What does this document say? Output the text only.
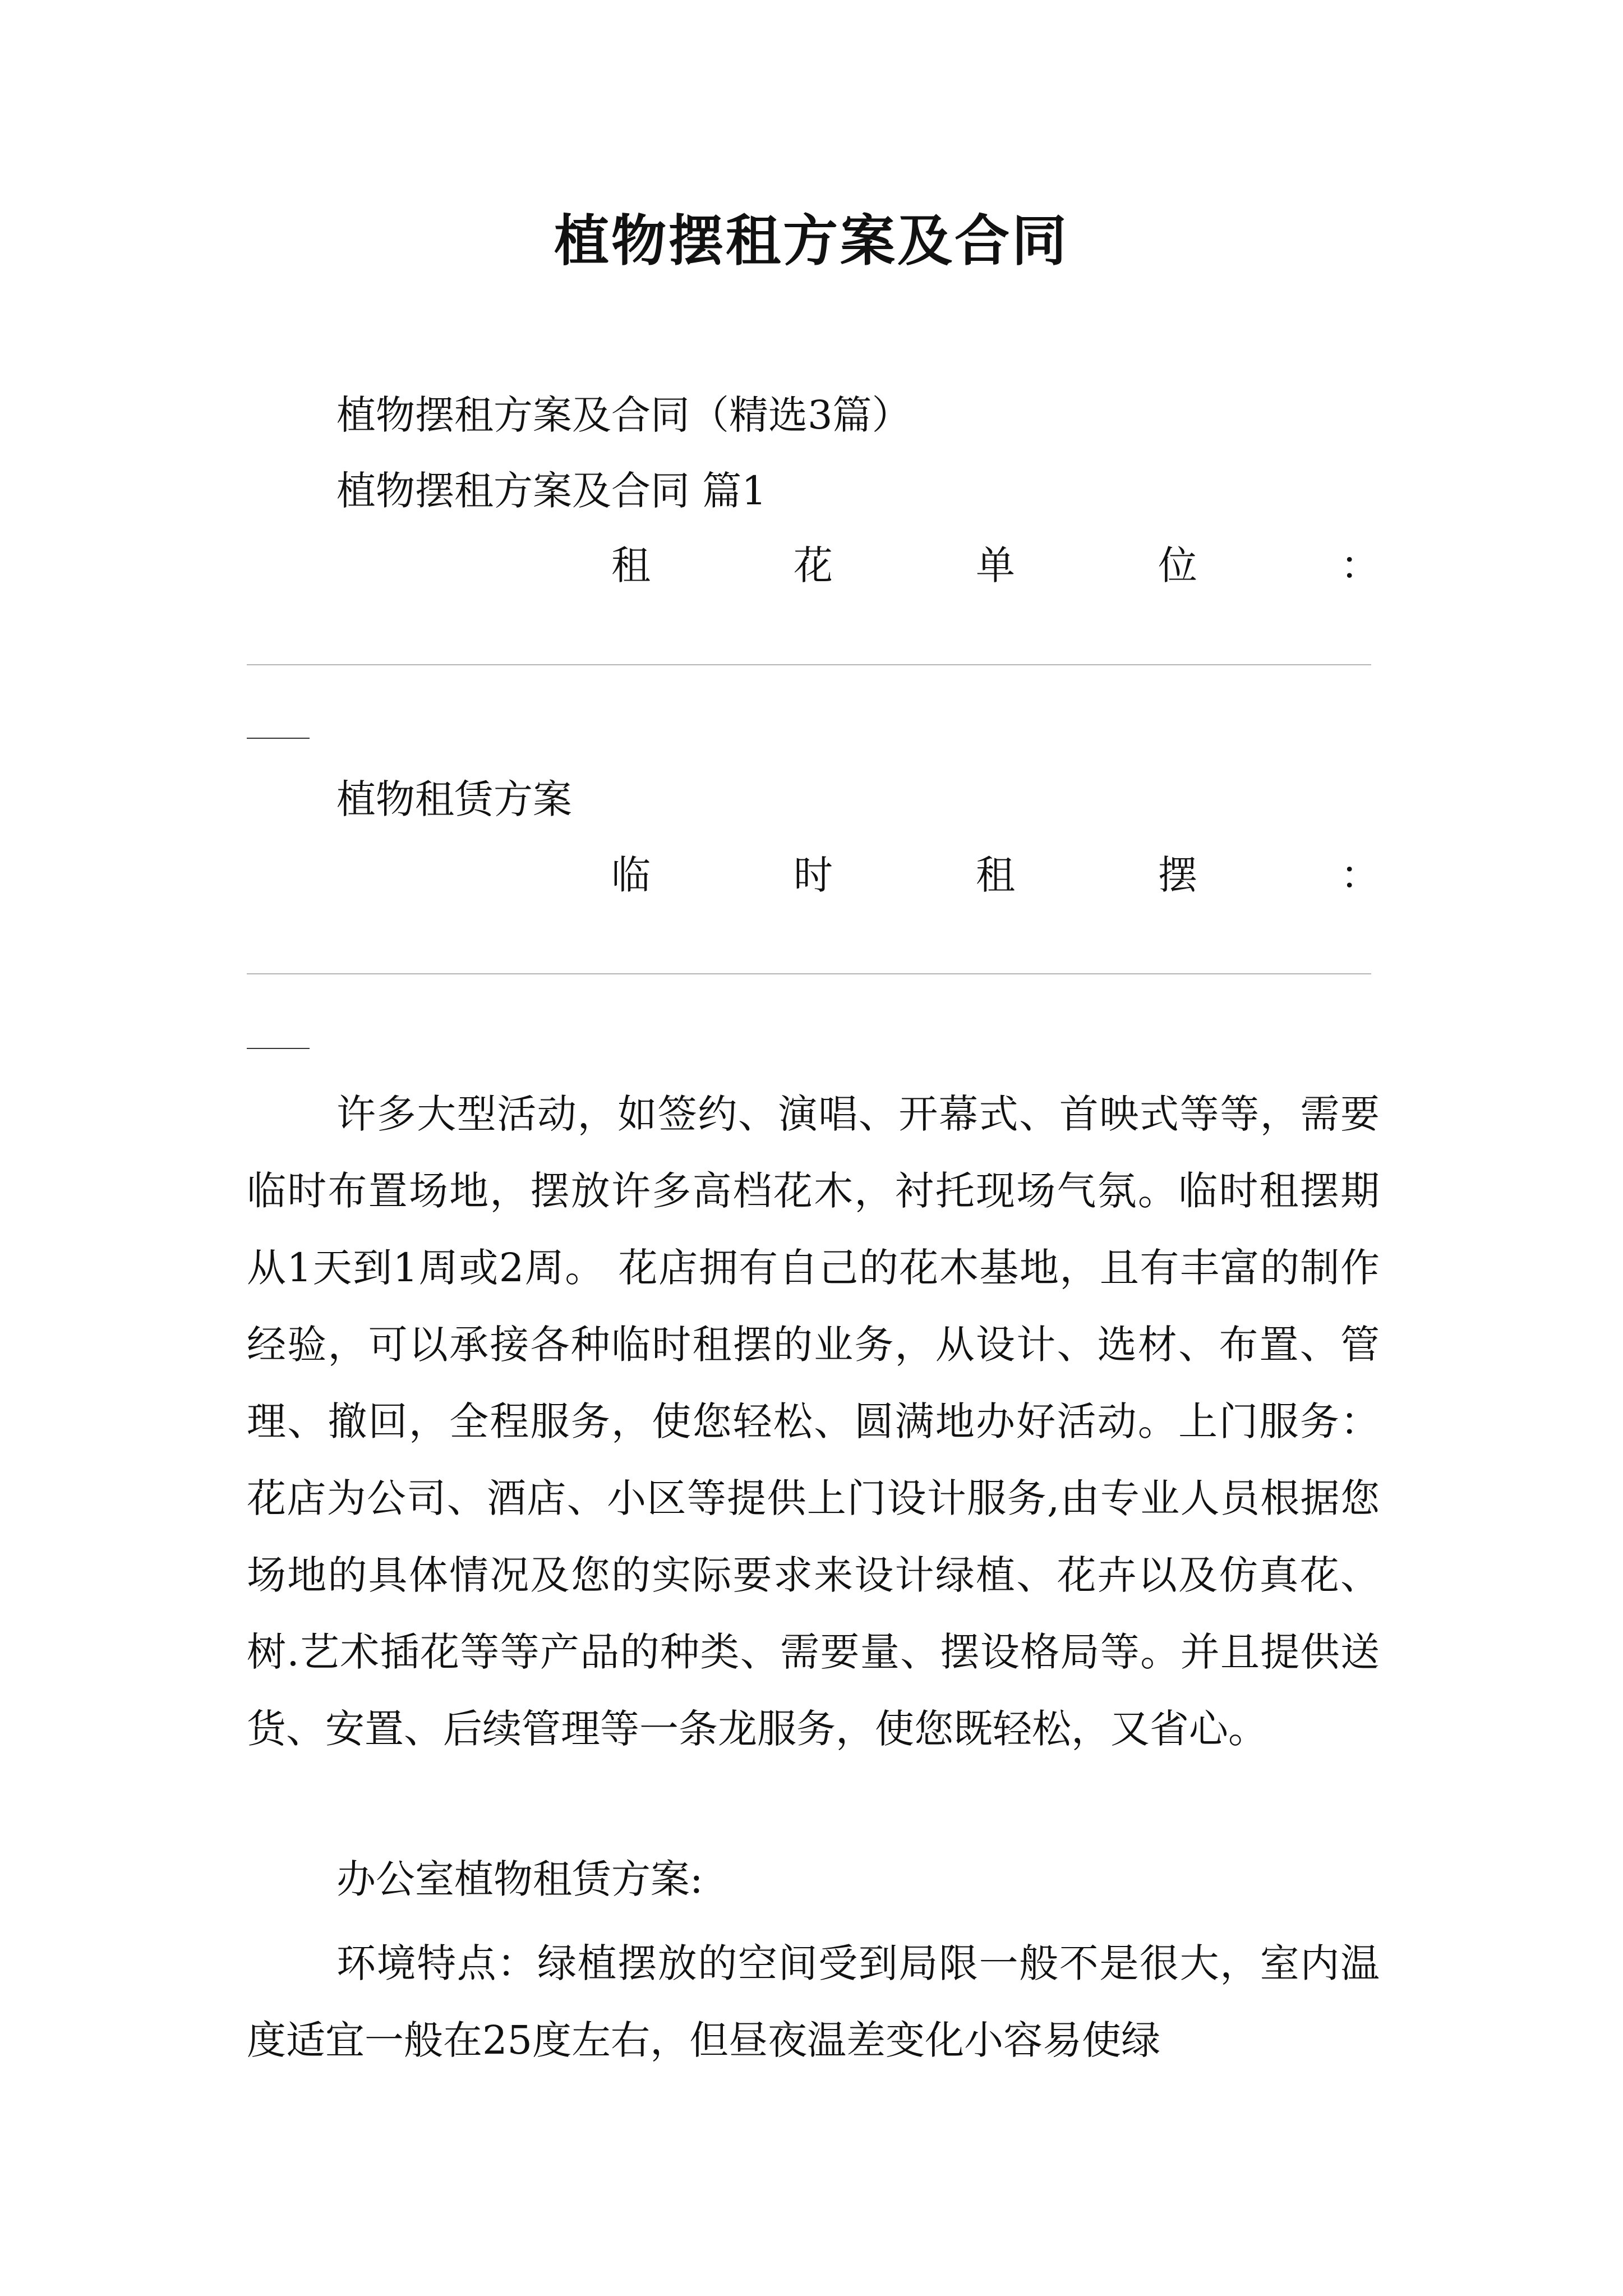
植物摆租方案及合同
植物摆租方案及合同（精选3篇）
植物摆租方案及合同 篇1
租	花	单	位	：
植物租赁方案
临	时	租	摆	：

许多大型活动，如签约、演唱、开幕式、首映式等等，需要临时布置场地，摆放许多高档花木，衬托现场气氛。临时租摆期从1天到1周或2周。 花店拥有自己的花木基地，且有丰富的制作经验，可以承接各种临时租摆的业务，从设计、选材、布置、管理、撤回，全程服务，使您轻松、圆满地办好活动。上门服务： 花店为公司、酒店、小区等提供上门设计服务,由专业人员根据您场地的具体情况及您的实际要求来设计绿植、花卉以及仿真花、树.艺术插花等等产品的种类、需要量、摆设格局等。并且提供送货、安置、后续管理等一条龙服务，使您既轻松，又省心。

办公室植物租赁方案:

环境特点：绿植摆放的空间受到局限一般不是很大，室内温度适宜一般在25度左右，但昼夜温差变化小容易使绿
